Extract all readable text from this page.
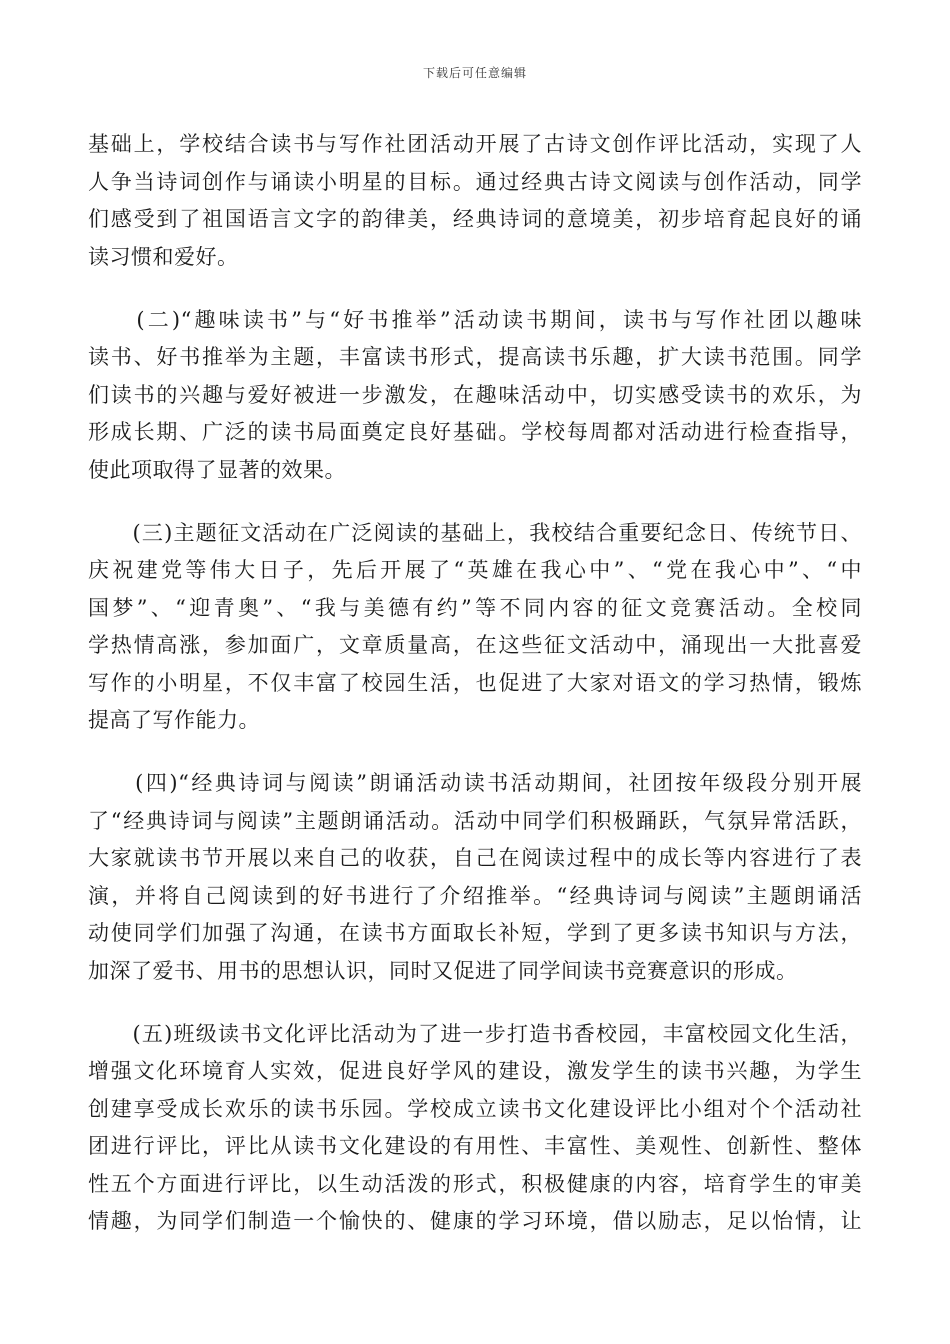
下载后可任意编辑
基础上，学校结合读书与写作社团活动开展了古诗文创作评比活动，实现了人
人争当诗词创作与诵读小明星的目标。通过经典古诗文阅读与创作活动，同学
们感受到了祖国语言文字的韵律美，经典诗词的意境美，初步培育起良好的诵
读习惯和爱好。
　　(二)“趣味读书”与“好书推举”活动读书期间，读书与写作社团以趣味
读书、好书推举为主题，丰富读书形式，提高读书乐趣，扩大读书范围。同学
们读书的兴趣与爱好被进一步激发，在趣味活动中，切实感受读书的欢乐，为
形成长期、广泛的读书局面奠定良好基础。学校每周都对活动进行检查指导，
使此项取得了显著的效果。
　　(三)主题征文活动在广泛阅读的基础上，我校结合重要纪念日、传统节日、
庆祝建党等伟大日子，先后开展了“英雄在我心中”、“党在我心中”、“中
国梦”、“迎青奥”、“我与美德有约”等不同内容的征文竞赛活动。全校同
学热情高涨，参加面广，文章质量高，在这些征文活动中，涌现出一大批喜爱
写作的小明星，不仅丰富了校园生活，也促进了大家对语文的学习热情，锻炼
提高了写作能力。
　　(四)“经典诗词与阅读”朗诵活动读书活动期间，社团按年级段分别开展
了“经典诗词与阅读”主题朗诵活动。活动中同学们积极踊跃，气氛异常活跃，
大家就读书节开展以来自己的收获，自己在阅读过程中的成长等内容进行了表
演，并将自己阅读到的好书进行了介绍推举。“经典诗词与阅读”主题朗诵活
动使同学们加强了沟通，在读书方面取长补短，学到了更多读书知识与方法，
加深了爱书、用书的思想认识，同时又促进了同学间读书竞赛意识的形成。
　　(五)班级读书文化评比活动为了进一步打造书香校园，丰富校园文化生活，
增强文化环境育人实效，促进良好学风的建设，激发学生的读书兴趣，为学生
创建享受成长欢乐的读书乐园。学校成立读书文化建设评比小组对个个活动社
团进行评比，评比从读书文化建设的有用性、丰富性、美观性、创新性、整体
性五个方面进行评比，以生动活泼的形式，积极健康的内容，培育学生的审美
情趣，为同学们制造一个愉快的、健康的学习环境，借以励志，足以怡情，让
